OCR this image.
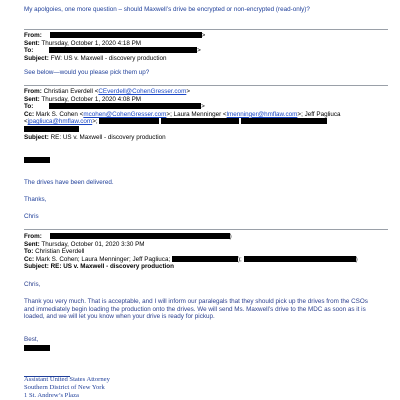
My apolgoies, one more question – should Maxwell’s drive be encrypted or non-encrypted (read-only)?
From:	>
Sent: Thursday, October 1, 2020 4:18 PM
To:	>
Subject: FW: US v. Maxwell - discovery production
See below—would you please pick them up?
From: Christian Everdell <CEverdell@CohenGresser.com>
Sent: Thursday, October 1, 2020 4:08 PM
To:	>
Cc: Mark S. Cohen <mcohen@CohenGresser.com>; Laura Menninger <lmenninger@hmflaw.com>; Jeff Pagliuca
<jpagliuca@hmflaw.com>;
Subject: RE: US v. Maxwell - discovery production
The drives have been delivered.
Thanks,
Chris
From:	)
Sent: Thursday, October 01, 2020 3:30 PM
To: Christian Everdell
Cc: Mark S. Cohen; Laura Menninger; Jeff Pagliuca;	);	)
Subject: RE: US v. Maxwell - discovery production
Chris,
Thank you very much. That is acceptable, and I will inform our paralegals that they should pick up the drives from the CSOs and immediately begin loading the production onto the drives. We will send Ms. Maxwell’s drive to the MDC as soon as it is loaded, and we will let you know when your drive is ready for pickup.
Best,
Assistant United States Attorney
Southern District of New York
1 St. Andrew’s Plaza
